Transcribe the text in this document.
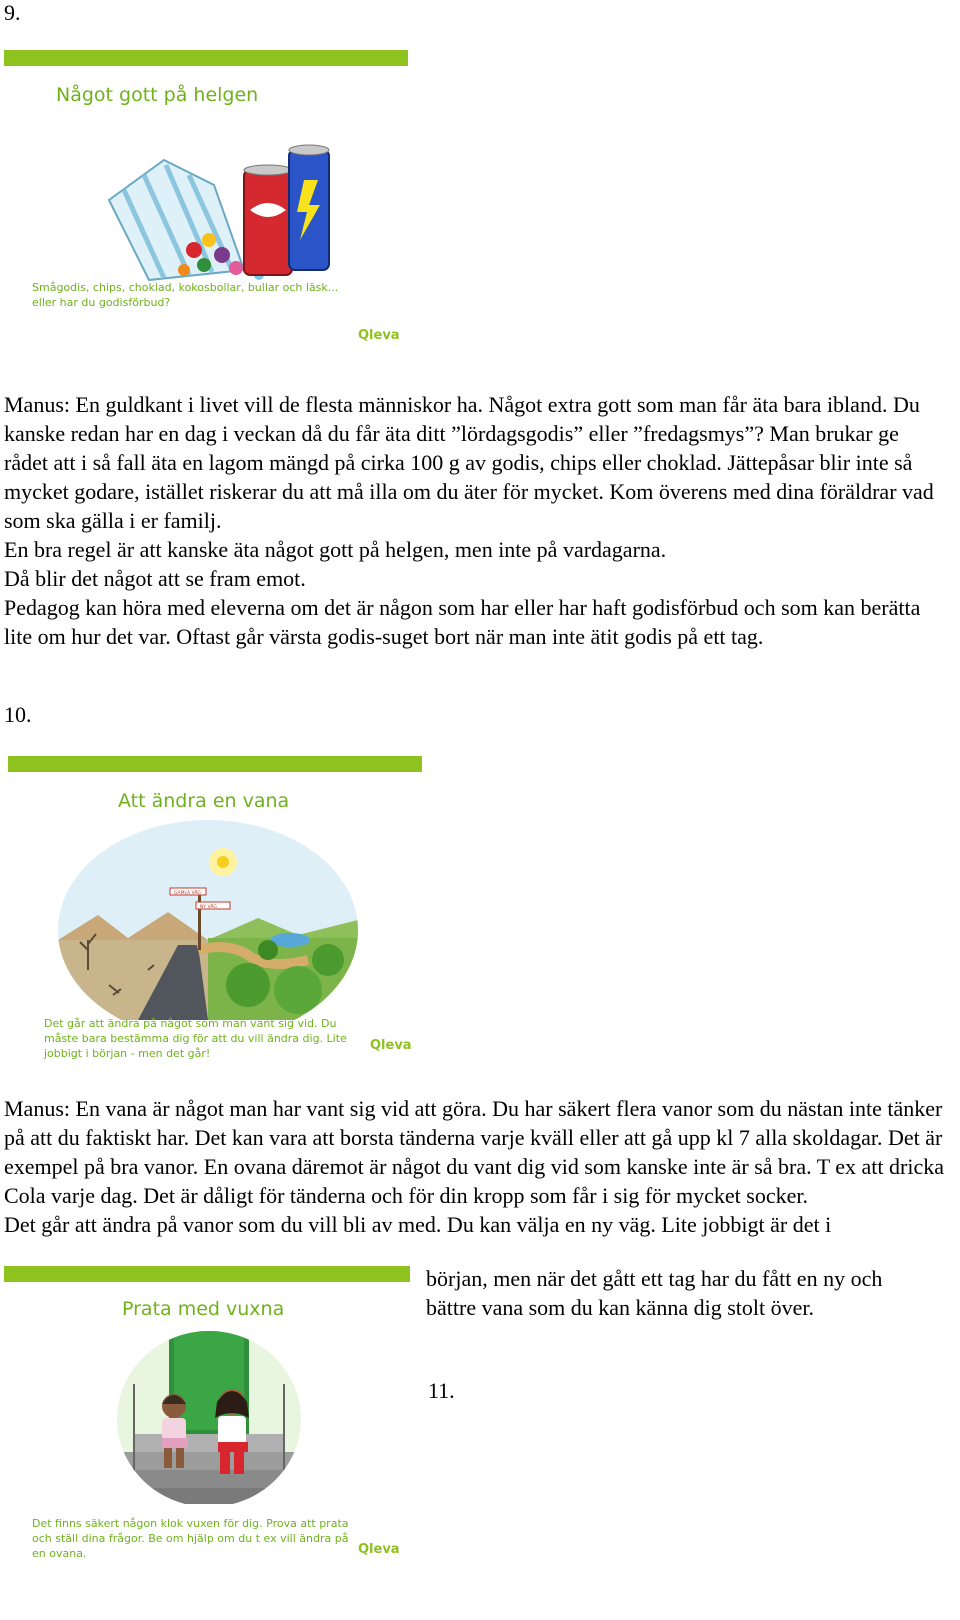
9.
Något gott på helgen
Smågodis, chips, choklad, kokosbollar, bullar och läsk... eller har du godisförbud?
Qleva

Manus: En guldkant i livet vill de flesta människor ha. Något extra gott som man får äta bara ibland. Du kanske redan har en dag i veckan då du får äta ditt ”lördagsgodis” eller ”fredagsmys”? Man brukar ge rådet att i så fall äta en lagom mängd på cirka 100 g av godis, chips eller choklad. Jättepåsar blir inte så mycket godare, istället riskerar du att må illa om du äter för mycket. Kom överens med dina föräldrar vad som ska gälla i er familj.

En bra regel är att kanske äta något gott på helgen, men inte på vardagarna.

Då blir det något att se fram emot.

Pedagog kan höra med eleverna om det är någon som har eller har haft godisförbud och som kan berätta lite om hur det var. Oftast går värsta godis-suget bort när man inte ätit godis på ett tag.

10.
Att ändra en vana
GAMLA VÄG
NY VÄG
Det går att ändra på något som man vant sig vid. Du måste bara bestämma dig för att du vill ändra dig. Lite jobbigt i början - men det går!
Qleva

Manus: En vana är något man har vant sig vid att göra. Du har säkert flera vanor som du nästan inte tänker på att du faktiskt har. Det kan vara att borsta tänderna varje kväll eller att gå upp kl 7 alla skoldagar. Det är exempel på bra vanor. En ovana däremot är något du vant dig vid som kanske inte är så bra. T ex att dricka Cola varje dag. Det är dåligt för tänderna och för din kropp som får i sig för mycket socker.

Det går att ändra på vanor som du vill bli av med. Du kan välja en ny väg. Lite jobbigt är det i

början, men när det gått ett tag har du fått en ny och bättre vana som du kan känna dig stolt över.
11.
Prata med vuxna
Det finns säkert någon klok vuxen för dig. Prova att prata och ställ dina frågor. Be om hjälp om du t ex vill ändra på en ovana.	Qleva
